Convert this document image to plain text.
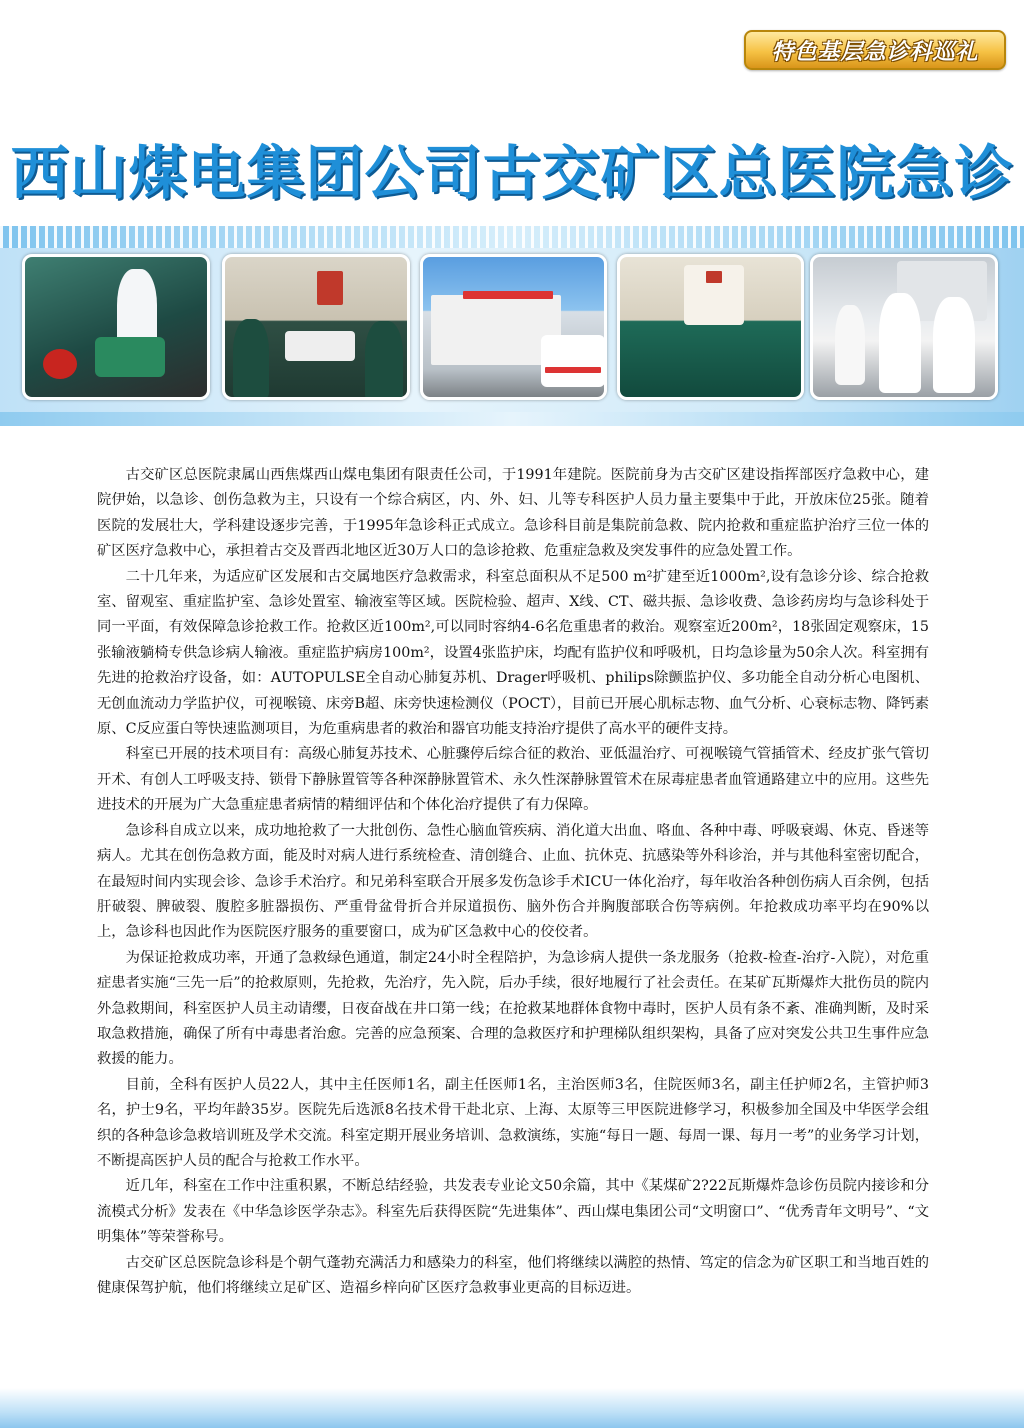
特色基层急诊科巡礼
西山煤电集团公司古交矿区总医院急诊

古交矿区总医院隶属山西焦煤西山煤电集团有限责任公司，于1991年建院。医院前身为古交矿区建设指挥部医疗急救中心，建院伊始，以急诊、创伤急救为主，只设有一个综合病区，内、外、妇、儿等专科医护人员力量主要集中于此，开放床位25张。随着医院的发展壮大，学科建设逐步完善，于1995年急诊科正式成立。急诊科目前是集院前急救、院内抢救和重症监护治疗三位一体的矿区医疗急救中心，承担着古交及晋西北地区近30万人口的急诊抢救、危重症急救及突发事件的应急处置工作。

二十几年来，为适应矿区发展和古交属地医疗急救需求，科室总面积从不足500 m²扩建至近1000m²,设有急诊分诊、综合抢救室、留观室、重症监护室、急诊处置室、输液室等区域。医院检验、超声、X线、CT、磁共振、急诊收费、急诊药房均与急诊科处于同一平面，有效保障急诊抢救工作。抢救区近100m²,可以同时容纳4-6名危重患者的救治。观察室近200m²，18张固定观察床，15张输液躺椅专供急诊病人输液。重症监护病房100m²，设置4张监护床，均配有监护仪和呼吸机，日均急诊量为50余人次。科室拥有先进的抢救治疗设备，如：AUTOPULSE全自动心肺复苏机、Drager呼吸机、philips除颤监护仪、多功能全自动分析心电图机、无创血流动力学监护仪，可视喉镜、床旁B超、床旁快速检测仪（POCT），目前已开展心肌标志物、血气分析、心衰标志物、降钙素原、C反应蛋白等快速监测项目，为危重病患者的救治和器官功能支持治疗提供了高水平的硬件支持。

科室已开展的技术项目有：高级心肺复苏技术、心脏骤停后综合征的救治、亚低温治疗、可视喉镜气管插管术、经皮扩张气管切开术、有创人工呼吸支持、锁骨下静脉置管等各种深静脉置管术、永久性深静脉置管术在尿毒症患者血管通路建立中的应用。这些先进技术的开展为广大急重症患者病情的精细评估和个体化治疗提供了有力保障。

急诊科自成立以来，成功地抢救了一大批创伤、急性心脑血管疾病、消化道大出血、咯血、各种中毒、呼吸衰竭、休克、昏迷等病人。尤其在创伤急救方面，能及时对病人进行系统检查、清创缝合、止血、抗休克、抗感染等外科诊治，并与其他科室密切配合，在最短时间内实现会诊、急诊手术治疗。和兄弟科室联合开展多发伤急诊手术ICU一体化治疗，每年收治各种创伤病人百余例，包括肝破裂、脾破裂、腹腔多脏器损伤、严重骨盆骨折合并尿道损伤、脑外伤合并胸腹部联合伤等病例。年抢救成功率平均在90%以上，急诊科也因此作为医院医疗服务的重要窗口，成为矿区急救中心的佼佼者。

为保证抢救成功率，开通了急救绿色通道，制定24小时全程陪护，为急诊病人提供一条龙服务（抢救-检查-治疗-入院），对危重症患者实施“三先一后”的抢救原则，先抢救，先治疗，先入院，后办手续，很好地履行了社会责任。在某矿瓦斯爆炸大批伤员的院内外急救期间，科室医护人员主动请缨，日夜奋战在井口第一线；在抢救某地群体食物中毒时，医护人员有条不紊、准确判断，及时采取急救措施，确保了所有中毒患者治愈。完善的应急预案、合理的急救医疗和护理梯队组织架构，具备了应对突发公共卫生事件应急救援的能力。

目前，全科有医护人员22人，其中主任医师1名，副主任医师1名，主治医师3名，住院医师3名，副主任护师2名，主管护师3名，护士9名，平均年龄35岁。医院先后选派8名技术骨干赴北京、上海、太原等三甲医院进修学习，积极参加全国及中华医学会组织的各种急诊急救培训班及学术交流。科室定期开展业务培训、急救演练，实施“每日一题、每周一课、每月一考”的业务学习计划，不断提高医护人员的配合与抢救工作水平。

近几年，科室在工作中注重积累，不断总结经验，共发表专业论文50余篇，其中《某煤矿2?22瓦斯爆炸急诊伤员院内接诊和分流模式分析》发表在《中华急诊医学杂志》。科室先后获得医院“先进集体”、西山煤电集团公司“文明窗口”、“优秀青年文明号”、“文明集体”等荣誉称号。

古交矿区总医院急诊科是个朝气蓬勃充满活力和感染力的科室，他们将继续以满腔的热情、笃定的信念为矿区职工和当地百姓的健康保驾护航，他们将继续立足矿区、造福乡梓向矿区医疗急救事业更高的目标迈进。
